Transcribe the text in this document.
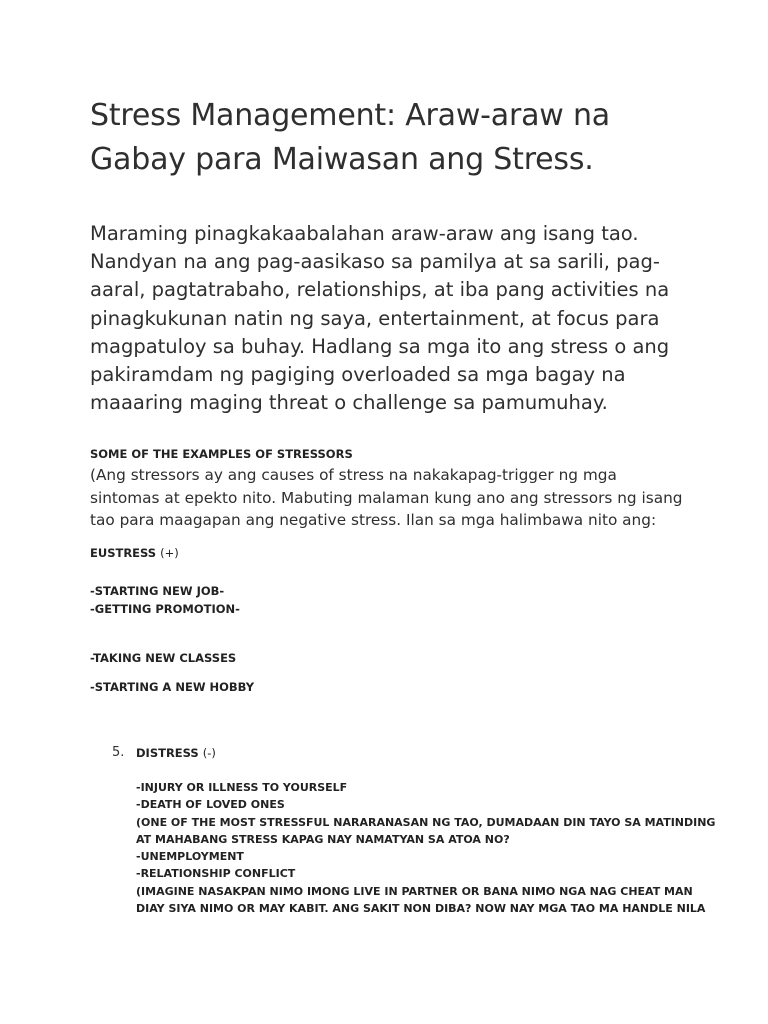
Stress Management: Araw-araw na Gabay para Maiwasan ang Stress.

Maraming pinagkakaabalahan araw-araw ang isang tao. Nandyan na ang pag-aasikaso sa pamilya at sa sarili, pag-aaral, pagtatrabaho, relationships, at iba pang activities na pinagkukunan natin ng saya, entertainment, at focus para magpatuloy sa buhay. Hadlang sa mga ito ang stress o ang pakiramdam ng pagiging overloaded sa mga bagay na maaaring maging threat o challenge sa pamumuhay.

SOME OF THE EXAMPLES OF STRESSORS

(Ang stressors ay ang causes of stress na nakakapag-trigger ng mga sintomas at epekto nito. Mabuting malaman kung ano ang stressors ng isang tao para maagapan ang negative stress. Ilan sa mga halimbawa nito ang:

EUSTRESS (+)

-STARTING NEW JOB-

-GETTING PROMOTION-

-TAKING NEW CLASSES

-STARTING A NEW HOBBY

5. DISTRESS (-)

-INJURY OR ILLNESS TO YOURSELF
-DEATH OF LOVED ONES
(ONE OF THE MOST STRESSFUL NARARANASAN NG TAO, DUMADAAN DIN TAYO SA MATINDING
AT MAHABANG STRESS KAPAG NAY NAMATYAN SA ATOA NO?
-UNEMPLOYMENT
-RELATIONSHIP CONFLICT
(IMAGINE NASAKPAN NIMO IMONG LIVE IN PARTNER OR BANA NIMO NGA NAG CHEAT MAN
DIAY SIYA NIMO OR MAY KABIT. ANG SAKIT NON DIBA? NOW NAY MGA TAO MA HANDLE NILA
